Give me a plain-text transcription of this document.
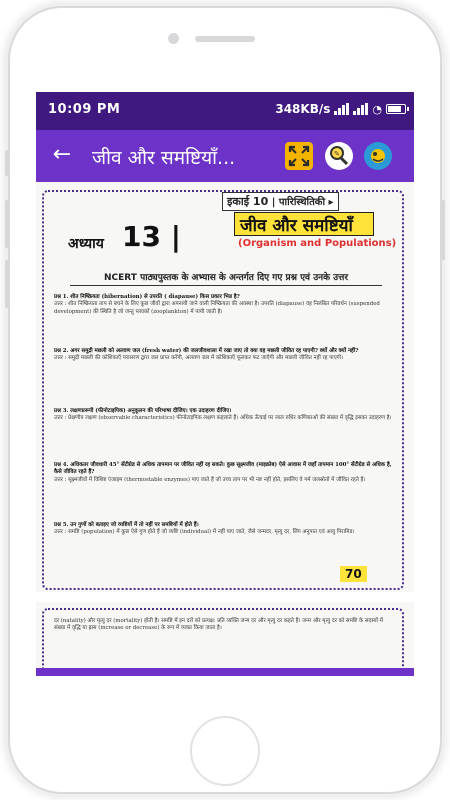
10:09 PM	348KB/s	◔
← जीव और समष्टियाँ...	✎
इकाई 10 | पारिस्थितिकी ▸
जीव और समष्टियाँ
(Organism and Populations)
अध्याय 13 |
NCERT पाठ्यपुस्तक के अभ्यास के अन्तर्गत दिए गए प्रश्न एवं उनके उत्तर
प्रश्न 1. शीत निष्क्रियता (hibernation) से उपरति ( diapause) किस प्रकार भिन्न है?
उत्तर : शीत निष्क्रियता ताप से बचने के लिए कुछ जीवों द्वारा अपनायी जाने वाली निष्क्रियता की अवस्था है। उपरति (diapause) वह निलंबित परिवर्धन (suspended development) की स्थिति है जो जन्तु प्लवकों (zooplankton) में पायी जाती है।
प्रश्न 2. अगर समुद्री मछली को अलवण जल (fresh water) की जलजीवशाला में रखा जाए तो क्या वह मछली जीवित रह पाएगी? क्यों और क्यों नहीं?
उत्तर : समुद्री मछली की कोशिकाएँ परासरण द्वारा जल प्राप्त करेंगी, अलवण जल में कोशिकाएँ फूलकर फट जाएँगी और मछली जीवित नहीं रह पाएगी।
प्रश्न 3. लक्षणप्ररूपी (फीनोटाइपिक) अनुकूलन की परिभाषा दीजिए। एक उदाहरण दीजिए।
उत्तर : प्रेक्षणीय लक्षण (observable characteristics) फीनोटाइपिक लक्षण कहलाते हैं। अधिक ऊँचाई पर लाल रुधिर कणिकाओं की संख्या में वृद्धि इसका उदाहरण है।
प्रश्न 4. अधिकतर जीवधारी 45° सेंटीग्रेड से अधिक तापमान पर जीवित नहीं रह सकते। कुछ सूक्ष्मजीव (माइक्रोब) ऐसे आवास में जहाँ तापमान 100° सेंटीग्रेड से अधिक है, कैसे जीवित रहते हैं?
उत्तर : सूक्ष्मजीवों में विशिष्ट एंजाइम (thermostable enzymes) पाए जाते हैं जो उच्च ताप पर भी नष्ट नहीं होते, इसलिए वे गर्म जलस्रोतों में जीवित रहते हैं।
प्रश्न 5. उन गुणों को बताइए जो व्यष्टियों में तो नहीं पर समष्टियों में होते हैं।
उत्तर : समष्टि (population) में कुछ ऐसे गुण होते हैं जो व्यष्टि (individual) में नहीं पाए जाते, जैसे जन्मदर, मृत्यु दर, लिंग अनुपात एवं आयु पिरामिड।
70
दर (natality) और मृत्यु दर (mortality) होती है। समष्टि में इन दरों को प्रत्यक्ष: प्रति व्यक्ति जन्म दर और मृत्यु दर कहते हैं। जन्म और मृत्यु दर को समष्टि के सदस्यों में संख्या में वृद्धि या ह्रास (increase or decrease) के रूप में व्यक्त किया जाता है।
